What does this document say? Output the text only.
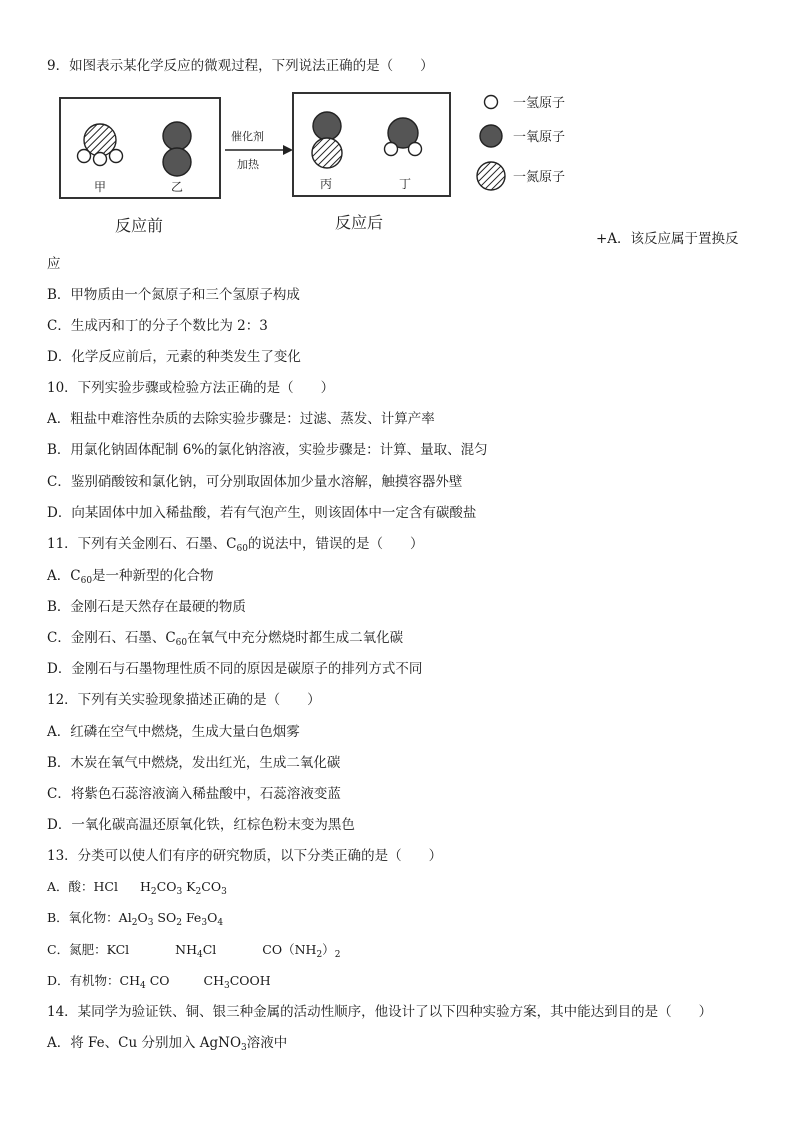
9．如图表示某化学反应的微观过程，下列说法正确的是（　　）
甲	乙
催化剂
加热
丙	丁
反应前	反应后
一氢原子
一氧原子
一氮原子
+A．该反应属于置换反
应
B．甲物质由一个氮原子和三个氢原子构成
C．生成丙和丁的分子个数比为 2：3
D．化学反应前后，元素的种类发生了变化
10．下列实验步骤或检验方法正确的是（　　）
A．粗盐中难溶性杂质的去除实验步骤是：过滤、蒸发、计算产率
B．用氯化钠固体配制 6%的氯化钠溶液，实验步骤是：计算、量取、混匀
C．鉴别硝酸铵和氯化钠，可分别取固体加少量水溶解，触摸容器外壁
D．向某固体中加入稀盐酸，若有气泡产生，则该固体中一定含有碳酸盐
11．下列有关金刚石、石墨、$C_{60}$的说法中，错误的是（　　）
A．$C_{60}$是一种新型的化合物
B．金刚石是天然存在最硬的物质
C．金刚石、石墨、$C_{60}$在氧气中充分燃烧时都生成二氧化碳
D．金刚石与石墨物理性质不同的原因是碳原子的排列方式不同
12．下列有关实验现象描述正确的是（　　）
A．红磷在空气中燃烧，生成大量白色烟雾
B．木炭在氧气中燃烧，发出红光，生成二氧化碳
C．将紫色石蕊溶液滴入稀盐酸中，石蕊溶液变蓝
D．一氧化碳高温还原氧化铁，红棕色粉末变为黑色
13．分类可以使人们有序的研究物质，以下分类正确的是（　　）
A．酸：HCl $H_2CO_3$ $K_2CO_3$
B．氧化物：$Al_2O_3$ $SO_2$ $Fe_3O_4$
C．氮肥：KCl	$NH_4Cl$	$CO(NH_2)_2$
D．有机物：$CH_4$ CO	$CH_3COOH$
14．某同学为验证铁、铜、银三种金属的活动性顺序，他设计了以下四种实验方案，其中能达到目的是（　　）
A．将 Fe、Cu 分别加入 AgNO$_3$溶液中
